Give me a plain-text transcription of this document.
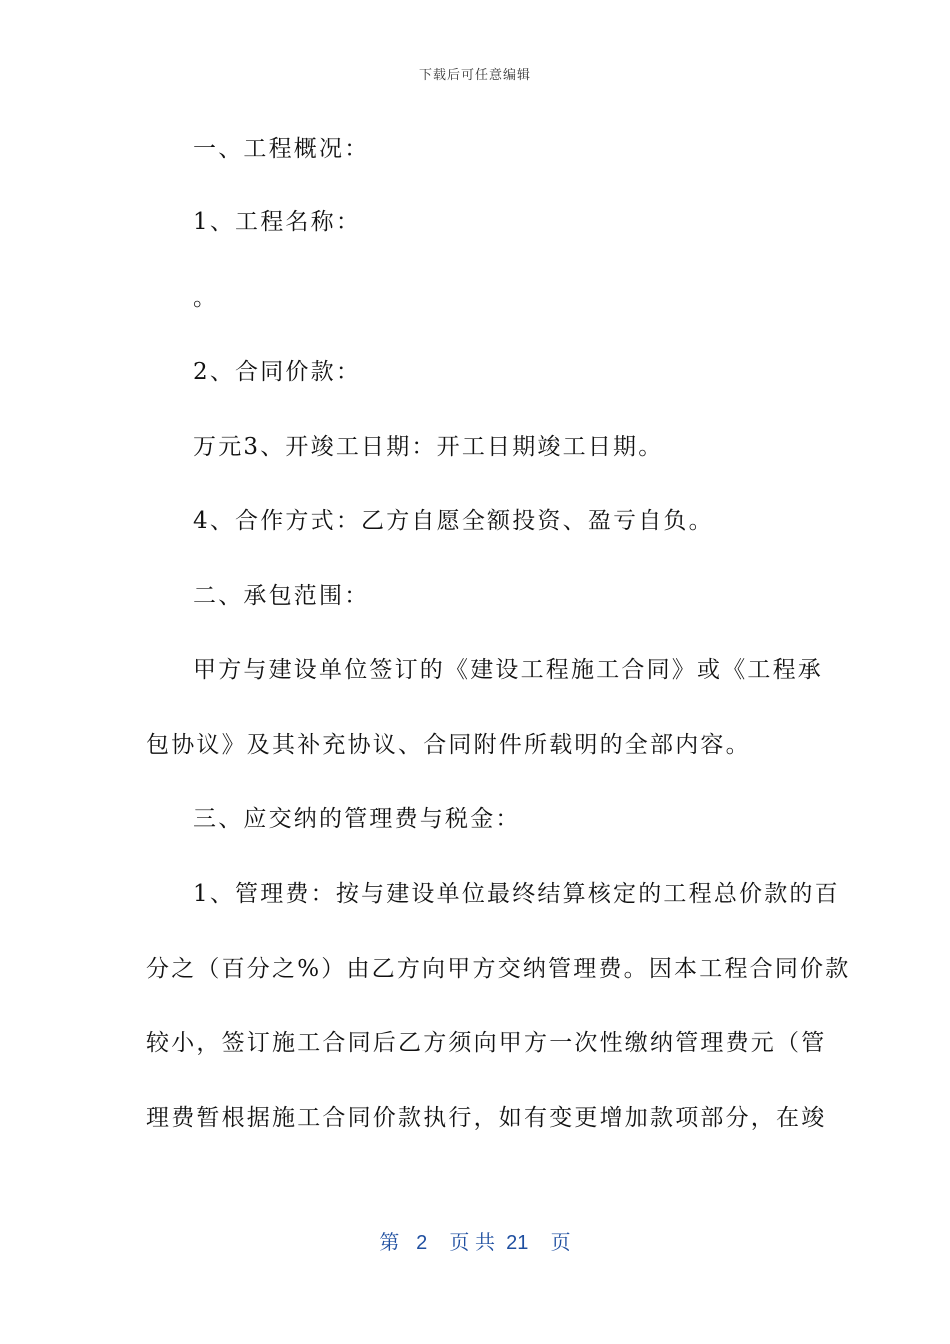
下载后可任意编辑
一、工程概况：
1、工程名称：
。
2、合同价款：
万元3、开竣工日期：开工日期竣工日期。
4、合作方式：乙方自愿全额投资、盈亏自负。
二、承包范围：
甲方与建设单位签订的《建设工程施工合同》或《工程承
包协议》及其补充协议、合同附件所载明的全部内容。
三、应交纳的管理费与税金：
1、管理费：按与建设单位最终结算核定的工程总价款的百
分之（百分之%）由乙方向甲方交纳管理费。因本工程合同价款
较小，签订施工合同后乙方须向甲方一次性缴纳管理费元（管
理费暂根据施工合同价款执行，如有变更增加款项部分，在竣
第 2 页 共 21 页
